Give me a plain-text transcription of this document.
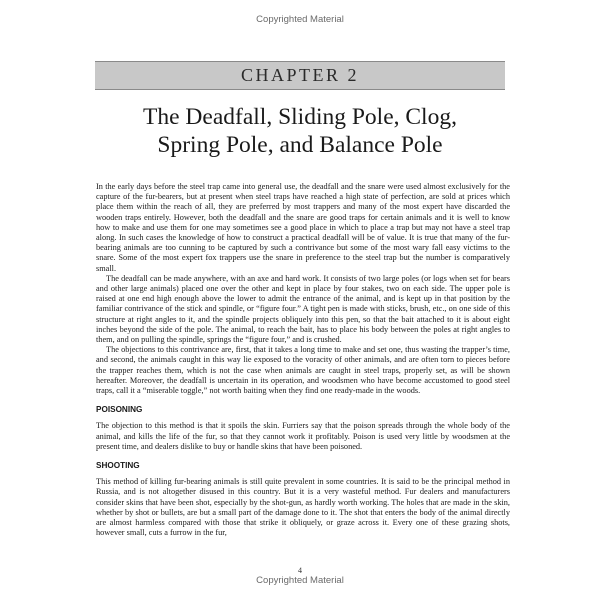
Copyrighted Material
CHAPTER 2
The Deadfall, Sliding Pole, Clog,
Spring Pole, and Balance Pole

In the early days before the steel trap came into general use, the deadfall and the snare were used almost exclusively for the capture of the fur-bearers, but at present when steel traps have reached a high state of perfection, are sold at prices which place them within the reach of all, they are preferred by most trappers and many of the most expert have discarded the wooden traps entirely. However, both the deadfall and the snare are good traps for certain animals and it is well to know how to make and use them for one may sometimes see a good place in which to place a trap but may not have a steel trap along. In such cases the knowledge of how to construct a practical deadfall will be of value. It is true that many of the fur-bearing animals are too cunning to be captured by such a contrivance but some of the most wary fall easy victims to the snare. Some of the most expert fox trappers use the snare in preference to the steel trap but the number is comparatively small.

The deadfall can be made anywhere, with an axe and hard work. It consists of two large poles (or logs when set for bears and other large animals) placed one over the other and kept in place by four stakes, two on each side. The upper pole is raised at one end high enough above the lower to admit the entrance of the animal, and is kept up in that position by the familiar contrivance of the stick and spindle, or “figure four.” A tight pen is made with sticks, brush, etc., on one side of this structure at right angles to it, and the spindle projects obliquely into this pen, so that the bait attached to it is about eight inches beyond the side of the pole. The animal, to reach the bait, has to place his body between the poles at right angles to them, and on pulling the spindle, springs the “figure four,” and is crushed.

The objections to this contrivance are, first, that it takes a long time to make and set one, thus wasting the trapper’s time, and second, the animals caught in this way lie exposed to the voracity of other animals, and are often torn to pieces before the trapper reaches them, which is not the case when animals are caught in steel traps, properly set, as will be shown hereafter. Moreover, the deadfall is uncertain in its operation, and woodsmen who have become accustomed to good steel traps, call it a “miserable toggle,” not worth baiting when they find one ready-made in the woods.

POISONING

The objection to this method is that it spoils the skin. Furriers say that the poison spreads through the whole body of the animal, and kills the life of the fur, so that they cannot work it profitably. Poison is used very little by woodsmen at the present time, and dealers dislike to buy or handle skins that have been poisoned.

SHOOTING

This method of killing fur-bearing animals is still quite prevalent in some countries. It is said to be the principal method in Russia, and is not altogether disused in this country. But it is a very wasteful method. Fur dealers and manufacturers consider skins that have been shot, especially by the shot-gun, as hardly worth working. The holes that are made in the skin, whether by shot or bullets, are but a small part of the damage done to it. The shot that enters the body of the animal directly are almost harmless compared with those that strike it obliquely, or graze across it. Every one of these grazing shots, however small, cuts a furrow in the fur,

4
Copyrighted Material
